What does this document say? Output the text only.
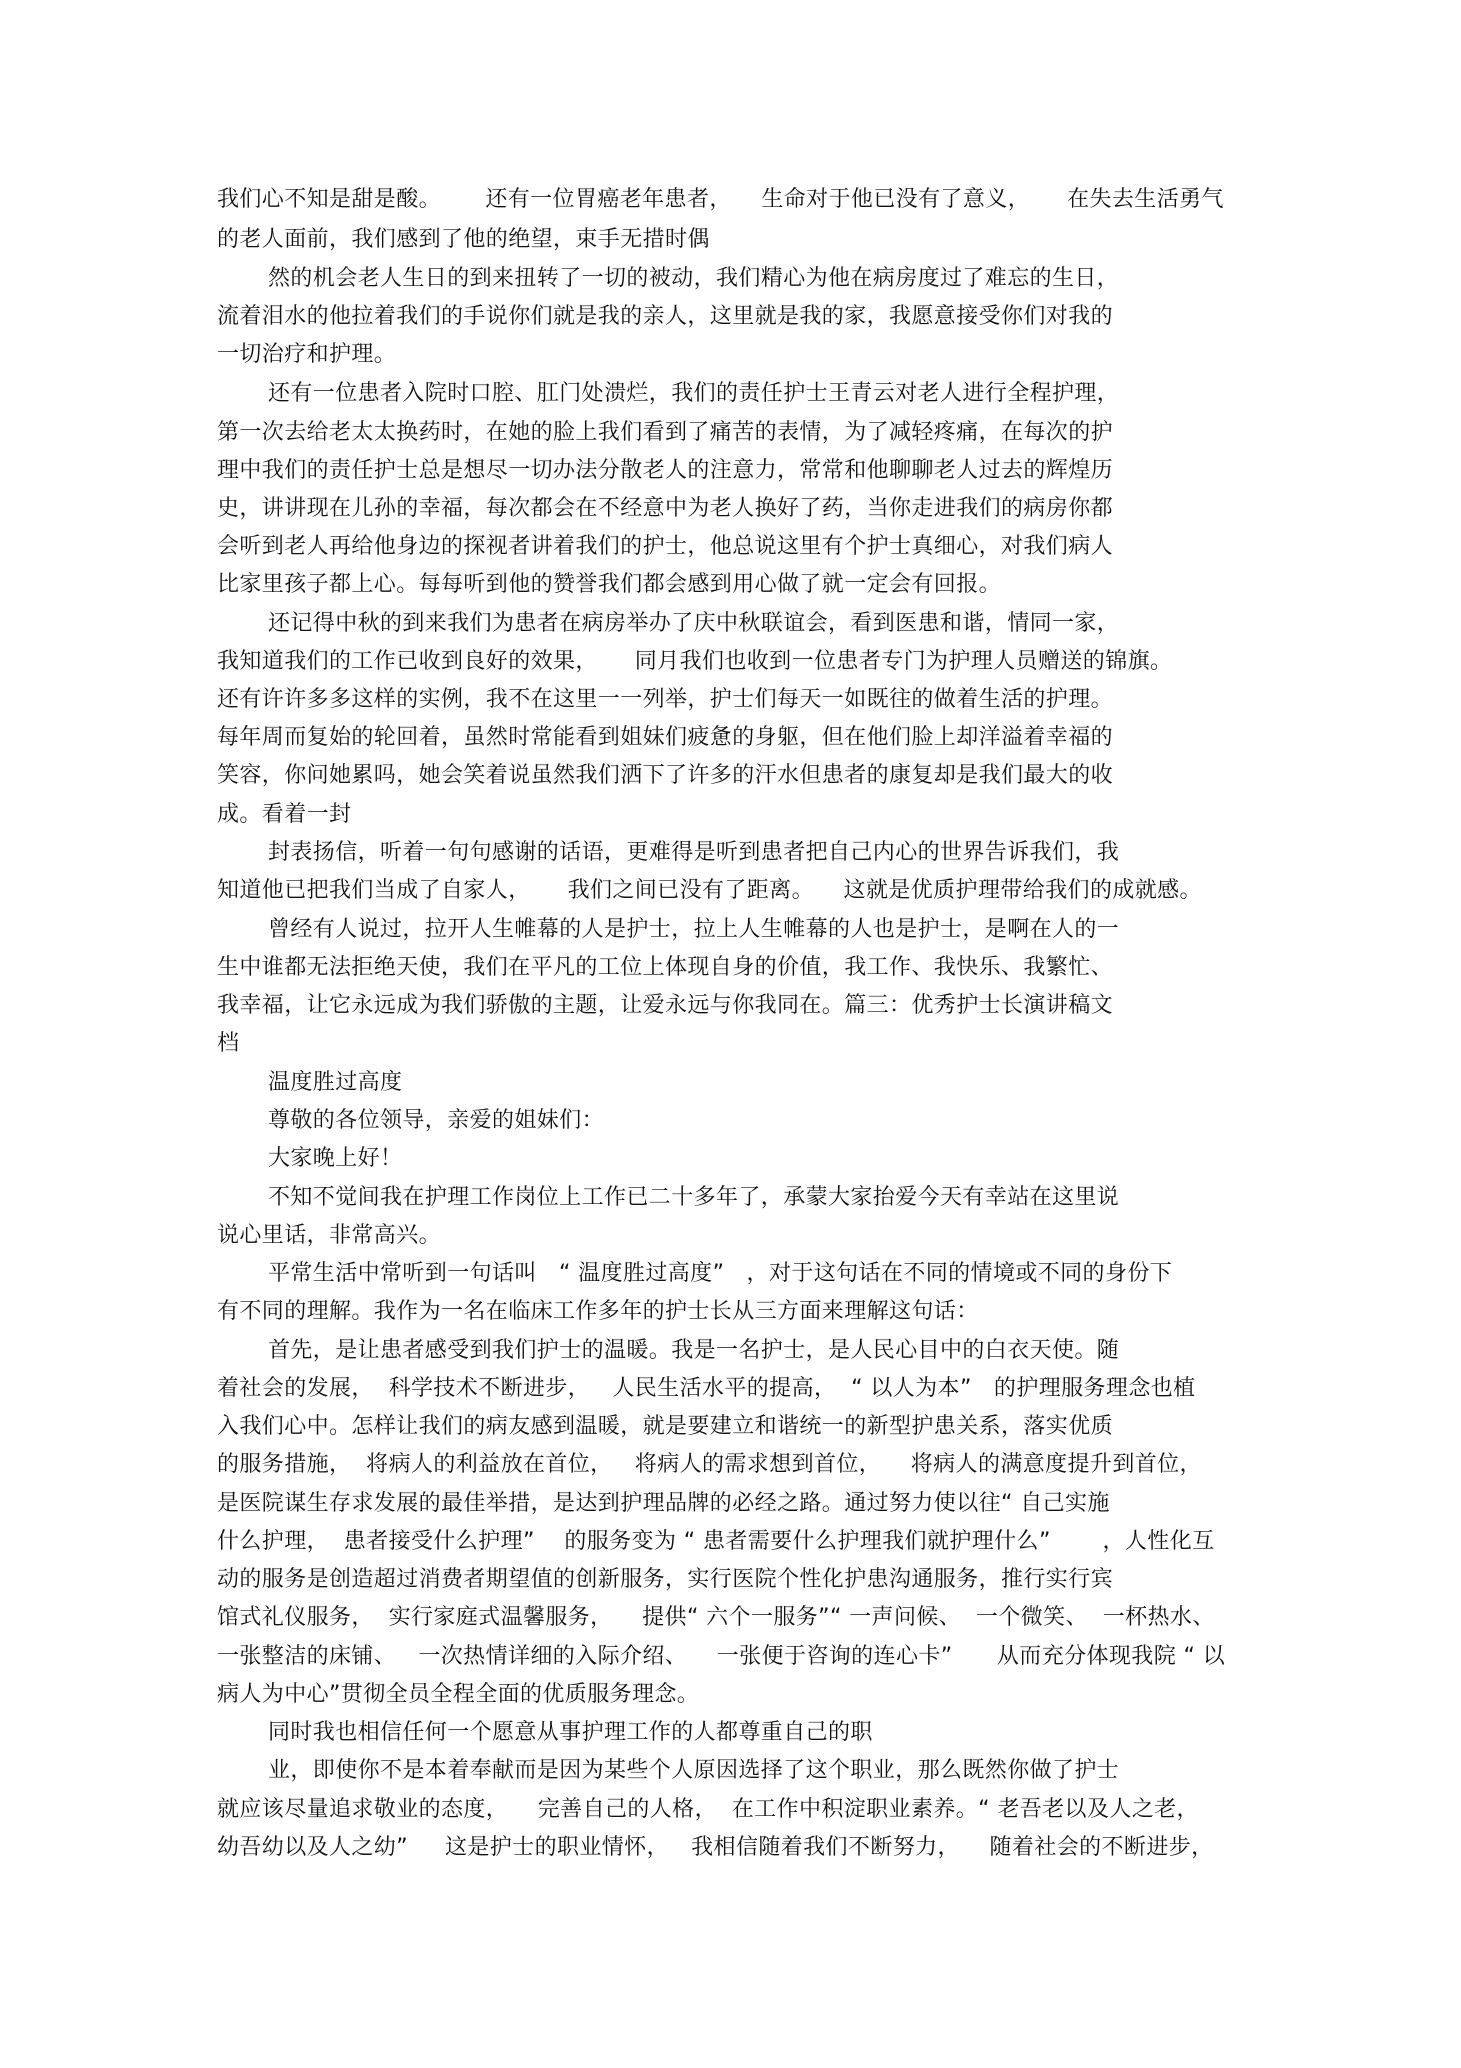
我们心不知是甜是酸。      还有一位胃癌老年患者，    生命对于他已没有了意义，     在失去生活勇气

的老人面前，我们感到了他的绝望，束手无措时偶

然的机会老人生日的到来扭转了一切的被动，我们精心为他在病房度过了难忘的生日，

流着泪水的他拉着我们的手说你们就是我的亲人，这里就是我的家，我愿意接受你们对我的

一切治疗和护理。

还有一位患者入院时口腔、肛门处溃烂，我们的责任护士王青云对老人进行全程护理，

第一次去给老太太换药时，在她的脸上我们看到了痛苦的表情，为了减轻疼痛，在每次的护

理中我们的责任护士总是想尽一切办法分散老人的注意力，常常和他聊聊老人过去的辉煌历

史，讲讲现在儿孙的幸福，每次都会在不经意中为老人换好了药，当你走进我们的病房你都

会听到老人再给他身边的探视者讲着我们的护士，他总说这里有个护士真细心，对我们病人

比家里孩子都上心。每每听到他的赞誉我们都会感到用心做了就一定会有回报。

还记得中秋的到来我们为患者在病房举办了庆中秋联谊会，看到医患和谐，情同一家，

我知道我们的工作已收到良好的效果，     同月我们也收到一位患者专门为护理人员赠送的锦旗。

还有许许多多这样的实例，我不在这里一一列举，护士们每天一如既往的做着生活的护理。

每年周而复始的轮回着，虽然时常能看到姐妹们疲惫的身躯，但在他们脸上却洋溢着幸福的

笑容，你问她累吗，她会笑着说虽然我们洒下了许多的汗水但患者的康复却是我们最大的收

成。看着一封

封表扬信，听着一句句感谢的话语，更难得是听到患者把自己内心的世界告诉我们，我

知道他已把我们当成了自家人，     我们之间已没有了距离。    这就是优质护理带给我们的成就感。

曾经有人说过，拉开人生帷幕的人是护士，拉上人生帷幕的人也是护士，是啊在人的一

生中谁都无法拒绝天使，我们在平凡的工位上体现自身的价值，我工作、我快乐、我繁忙、

我幸福，让它永远成为我们骄傲的主题，让爱永远与你我同在。篇三：优秀护士长演讲稿文

档

温度胜过高度

尊敬的各位领导，亲爱的姐妹们：

大家晚上好！

不知不觉间我在护理工作岗位上工作已二十多年了，承蒙大家抬爱今天有幸站在这里说

说心里话，非常高兴。

平常生活中常听到一句话叫   “ 温度胜过高度”   ，对于这句话在不同的情境或不同的身份下

有不同的理解。我作为一名在临床工作多年的护士长从三方面来理解这句话：

首先，是让患者感受到我们护士的温暖。我是一名护士，是人民心目中的白衣天使。随

着社会的发展，  科学技术不断进步，   人民生活水平的提高，  “ 以人为本”   的护理服务理念也植

入我们心中。怎样让我们的病友感到温暖，就是要建立和谐统一的新型护患关系，落实优质

的服务措施，  将病人的利益放在首位，   将病人的需求想到首位，    将病人的满意度提升到首位，

是医院谋生存求发展的最佳举措，是达到护理品牌的必经之路。通过努力使以往“ 自己实施

什么护理，  患者接受什么护理”    的服务变为 “ 患者需要什么护理我们就护理什么”       ，人性化互

动的服务是创造超过消费者期望值的创新服务，实行医院个性化护患沟通服务，推行实行宾

馆式礼仪服务，  实行家庭式温馨服务，    提供“ 六个一服务”“ 一声问候、  一个微笑、  一杯热水、

一张整洁的床铺、   一次热情详细的入际介绍、    一张便于咨询的连心卡”      从而充分体现我院 “ 以

病人为中心”贯彻全员全程全面的优质服务理念。

同时我也相信任何一个愿意从事护理工作的人都尊重自己的职

业，即使你不是本着奉献而是因为某些个人原因选择了这个职业，那么既然你做了护士

就应该尽量追求敬业的态度，    完善自己的人格，  在工作中积淀职业素养。“ 老吾老以及人之老，

幼吾幼以及人之幼”     这是护士的职业情怀，   我相信随着我们不断努力，    随着社会的不断进步，
